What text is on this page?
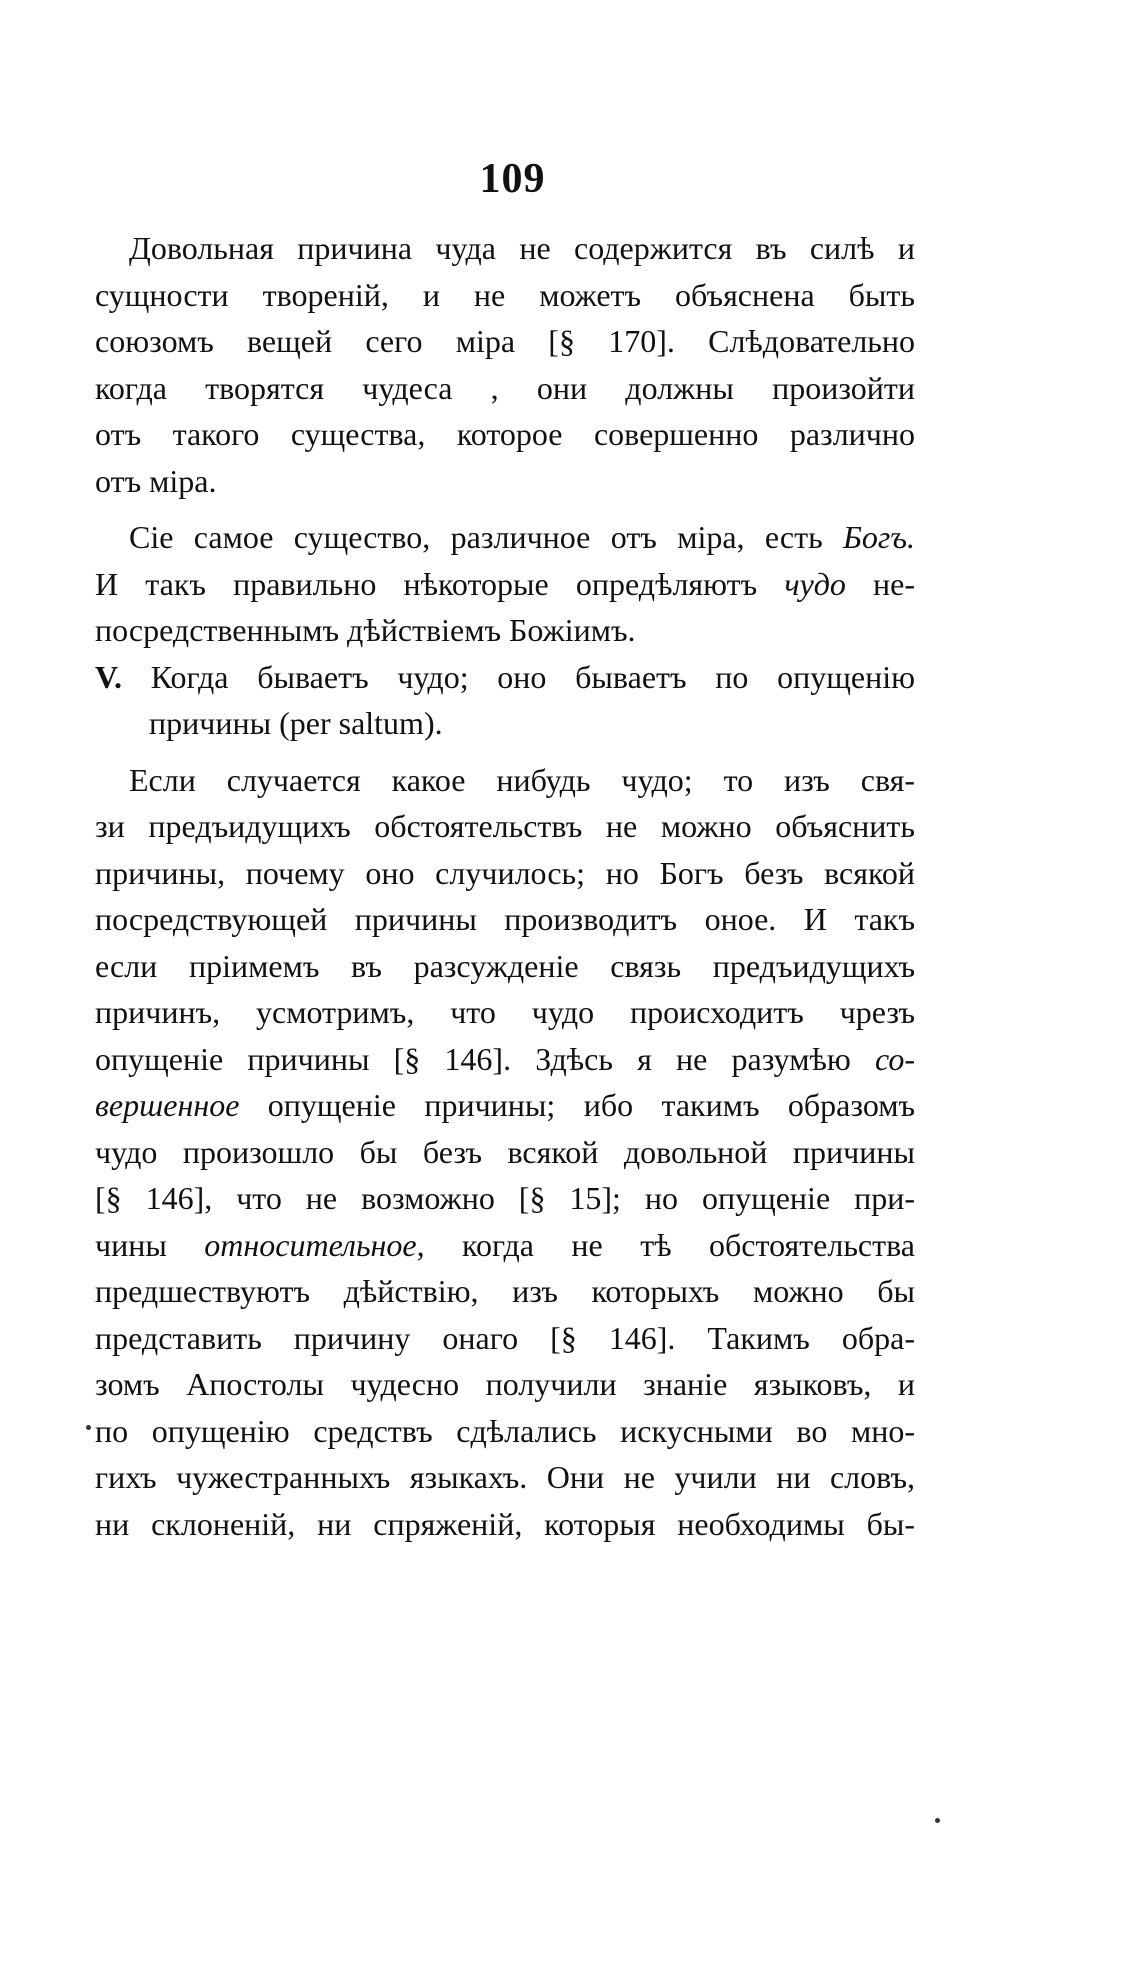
109
Довольная причина чуда не содержится въ силѣ и
сущности твореній, и не можетъ объяснена быть
союзомъ вещей сего міра [§ 170]. Слѣдовательно
когда творятся чудеса , они должны произойти
отъ такого существа, которое совершенно различно
отъ міра.
Сіе самое существо, различное отъ міра, есть Богъ.
И такъ правильно нѣкоторые опредѣляютъ чудо не-
посредственнымъ дѣйствіемъ Божіимъ.
V. Когда бываетъ чудо; оно бываетъ по опущенію
причины (per saltum).
Если случается какое нибудь чудо; то изъ свя-
зи предъидущихъ обстоятельствъ не можно объяснить
причины, почему оно случилось; но Богъ безъ всякой
посредствующей причины производитъ оное. И такъ
если пріимемъ въ разсужденіе связь предъидущихъ
причинъ, усмотримъ, что чудо происходитъ чрезъ
опущеніе причины [§ 146]. Здѣсь я не разумѣю со-
вершенное опущеніе причины; ибо такимъ образомъ
чудо произошло бы безъ всякой довольной причины
[§ 146], что не возможно [§ 15]; но опущеніе при-
чины относительное, когда не тѣ обстоятельства
предшествуютъ дѣйствію, изъ которыхъ можно бы
представить причину онаго [§ 146]. Такимъ обра-
зомъ Апостолы чудесно получили знаніе языковъ, и
по опущенію средствъ сдѣлались искусными во мно-
гихъ чужестранныхъ языкахъ. Они не учили ни словъ,
ни склоненій, ни спряженій, которыя необходимы бы-
